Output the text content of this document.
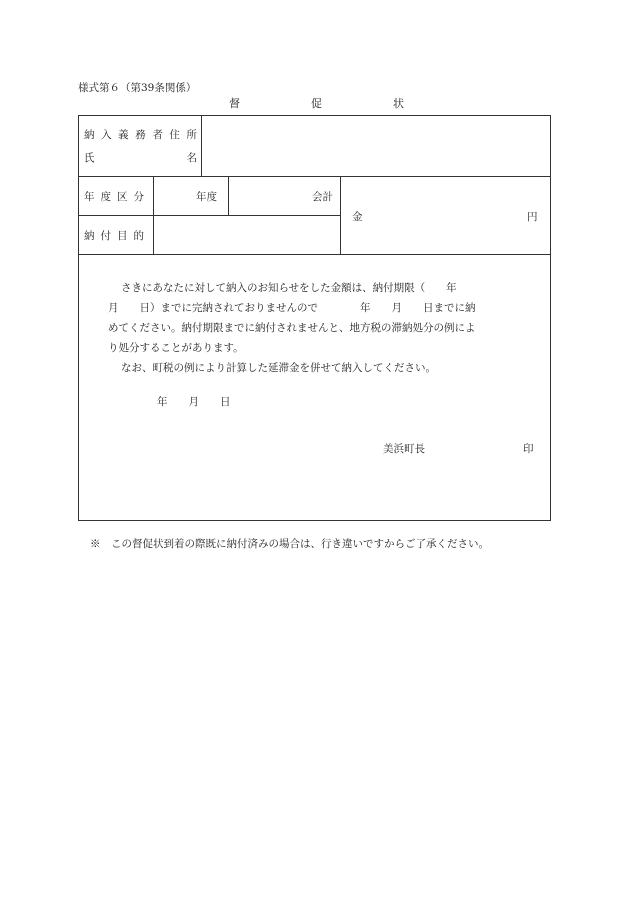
様式第６（第39条関係）
督	促	状
納 入 義 務 者 住 所
氏	名
年度区分	年度	会計
金	円
納付目的
さきにあなたに対して納入のお知らせをした金額は、納付期限（　　年
月　　日）までに完納されておりませんので　　　　年　　月　　日までに納
めてください。納付期限までに納付されませんと、地方税の滞納処分の例によ
り処分することがあります。
なお、町税の例により計算した延滞金を併せて納入してください。
年　　月　　日
美浜町長	印
※　この督促状到着の際既に納付済みの場合は、行き違いですからご了承ください。
